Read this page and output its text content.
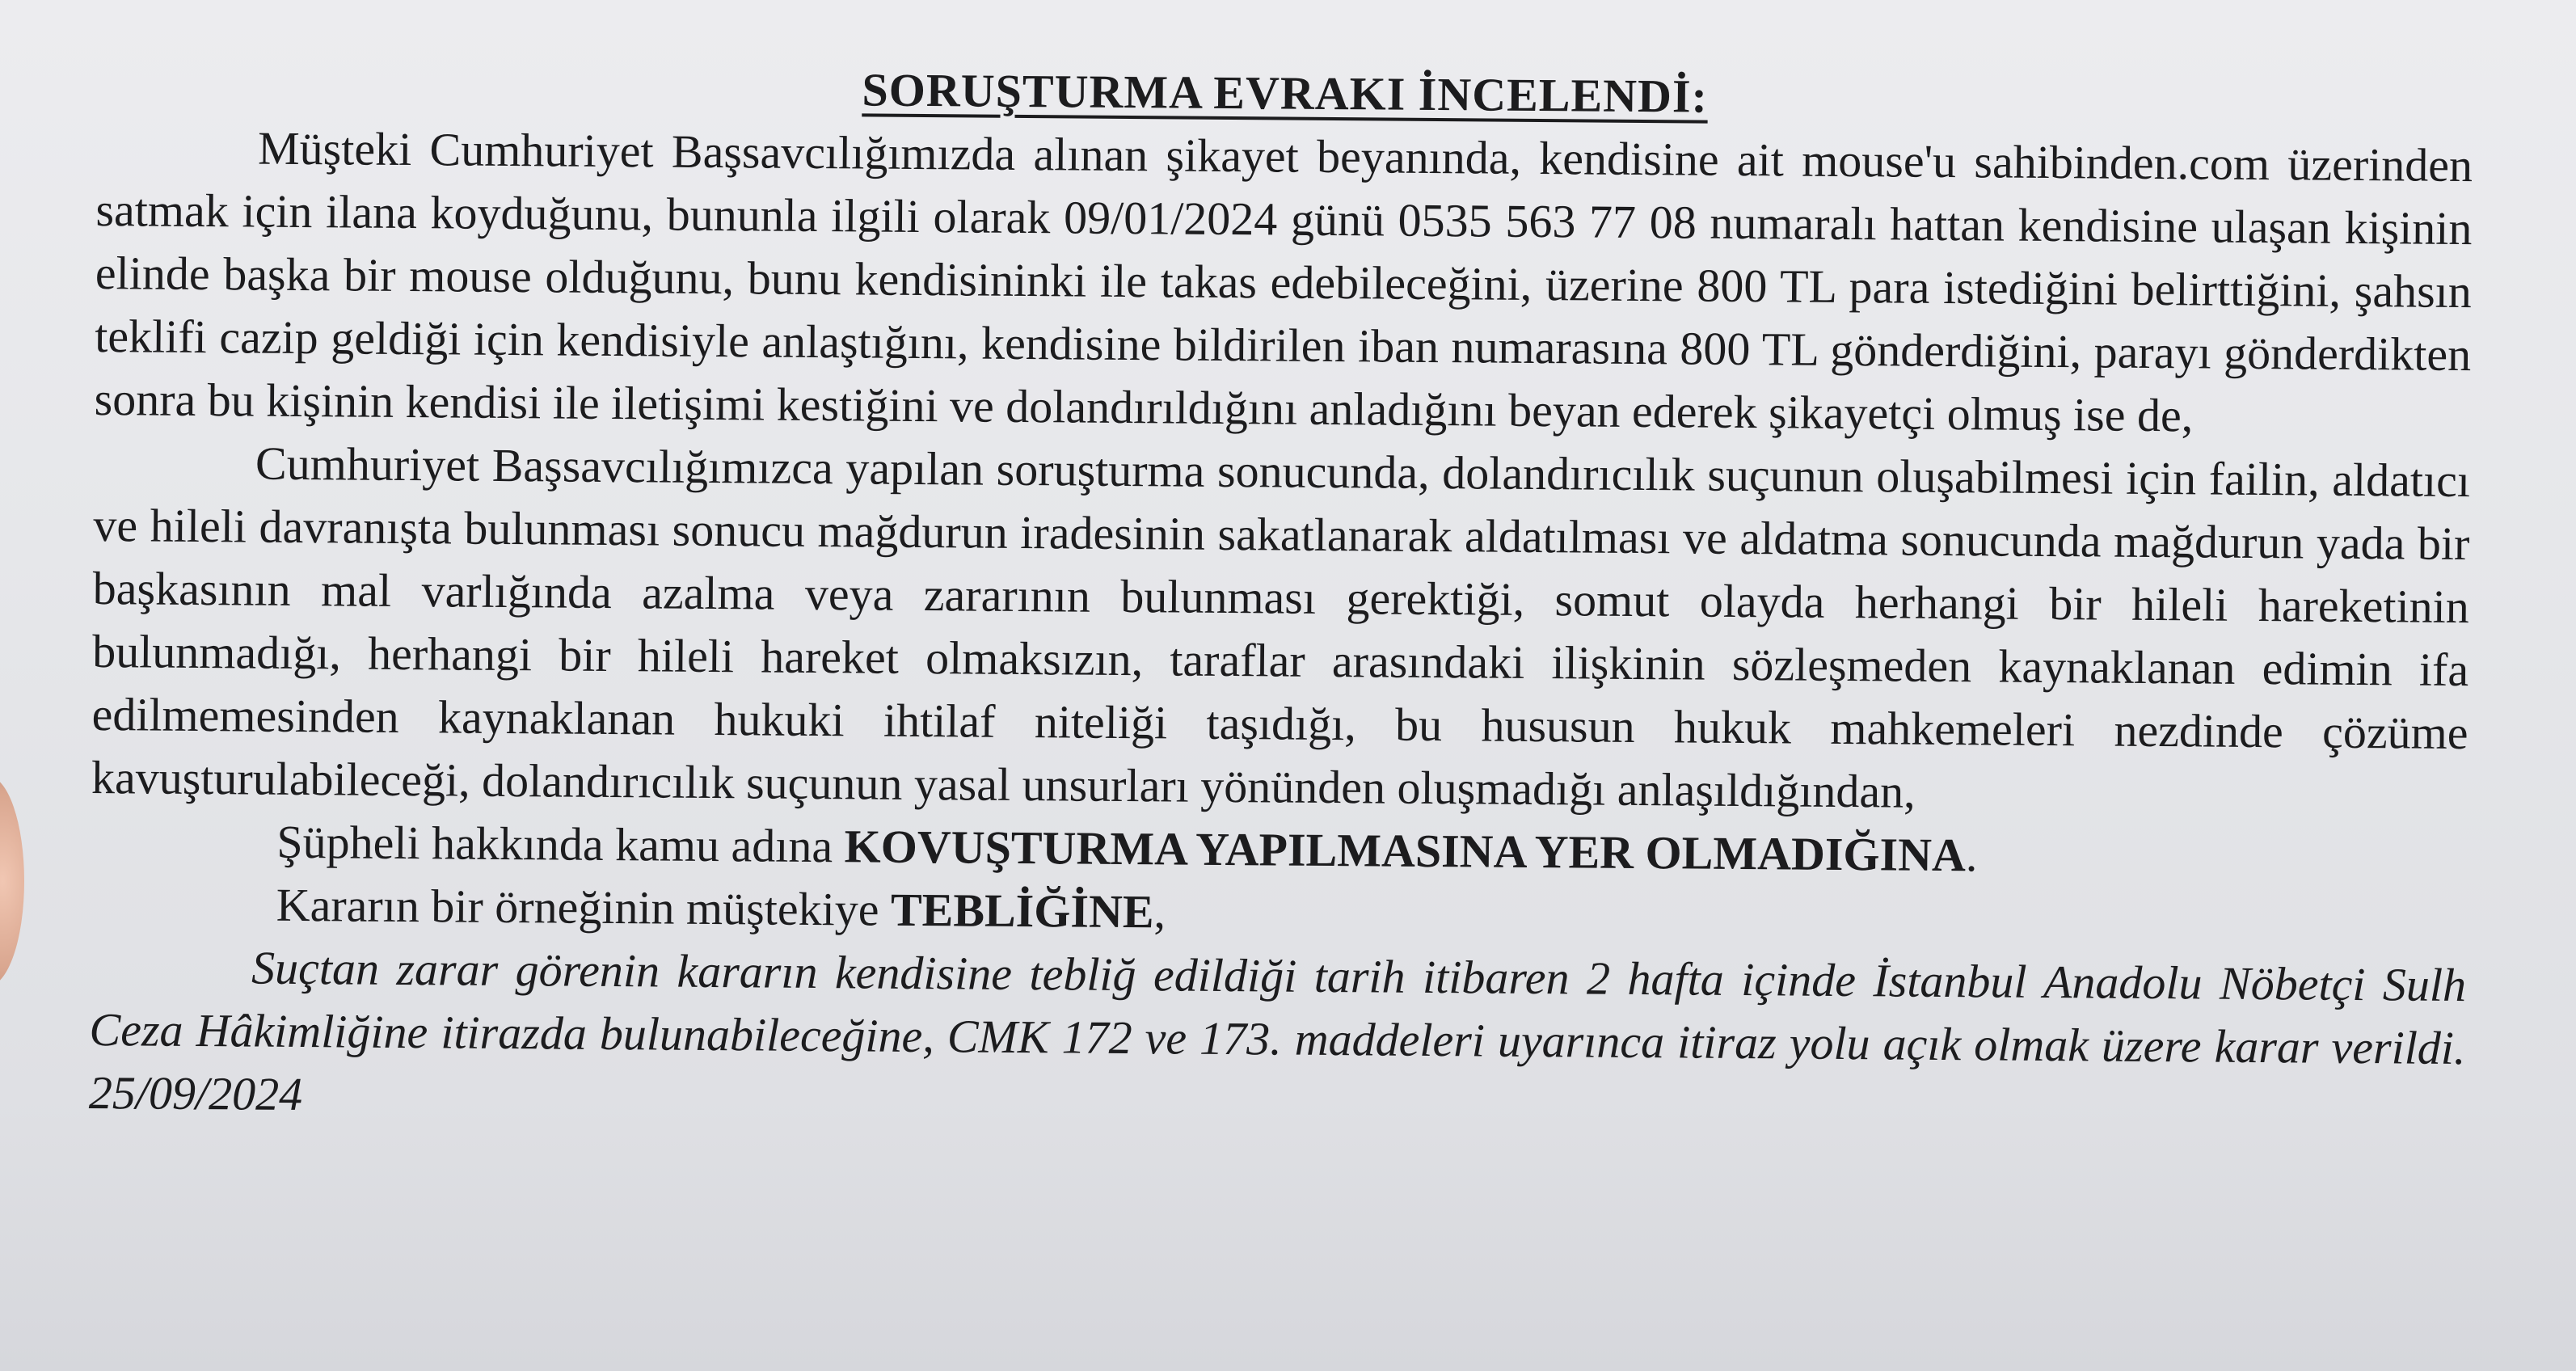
SORUŞTURMA EVRAKI İNCELENDİ:

Müşteki Cumhuriyet Başsavcılığımızda alınan şikayet beyanında, kendisine ait mouse'u sahibinden.com üzerinden satmak için ilana koyduğunu, bununla ilgili olarak 09/01/2024 günü 0535 563 77 08 numaralı hattan kendisine ulaşan kişinin elinde başka bir mouse olduğunu, bunu kendisininki ile takas edebileceğini, üzerine 800 TL para istediğini belirttiğini, şahsın teklifi cazip geldiği için kendisiyle anlaştığını, kendisine bildirilen iban numarasına 800 TL gönderdiğini, parayı gönderdikten sonra bu kişinin kendisi ile iletişimi kestiğini ve dolandırıldığını anladığını beyan ederek şikayetçi olmuş ise de,

Cumhuriyet Başsavcılığımızca yapılan soruşturma sonucunda, dolandırıcılık suçunun oluşabilmesi için failin, aldatıcı ve hileli davranışta bulunması sonucu mağdurun iradesinin sakatlanarak aldatılması ve aldatma sonucunda mağdurun yada bir başkasının mal varlığında azalma veya zararının bulunması gerektiği, somut olayda herhangi bir hileli hareketinin bulunmadığı, herhangi bir hileli hareket olmaksızın, taraflar arasındaki ilişkinin sözleşmeden kaynaklanan edimin ifa edilmemesinden kaynaklanan hukuki ihtilaf niteliği taşıdığı, bu hususun hukuk mahkemeleri nezdinde çözüme kavuşturulabileceği, dolandırıcılık suçunun yasal unsurları yönünden oluşmadığı anlaşıldığından,

Şüpheli hakkında kamu adına KOVUŞTURMA YAPILMASINA YER OLMADIĞINA.

Kararın bir örneğinin müştekiye TEBLİĞİNE,

Suçtan zarar görenin kararın kendisine tebliğ edildiği tarih itibaren 2 hafta içinde İstanbul Anadolu Nöbetçi Sulh Ceza Hâkimliğine itirazda bulunabileceğine, CMK 172 ve 173. maddeleri uyarınca itiraz yolu açık olmak üzere karar verildi. 25/09/2024
